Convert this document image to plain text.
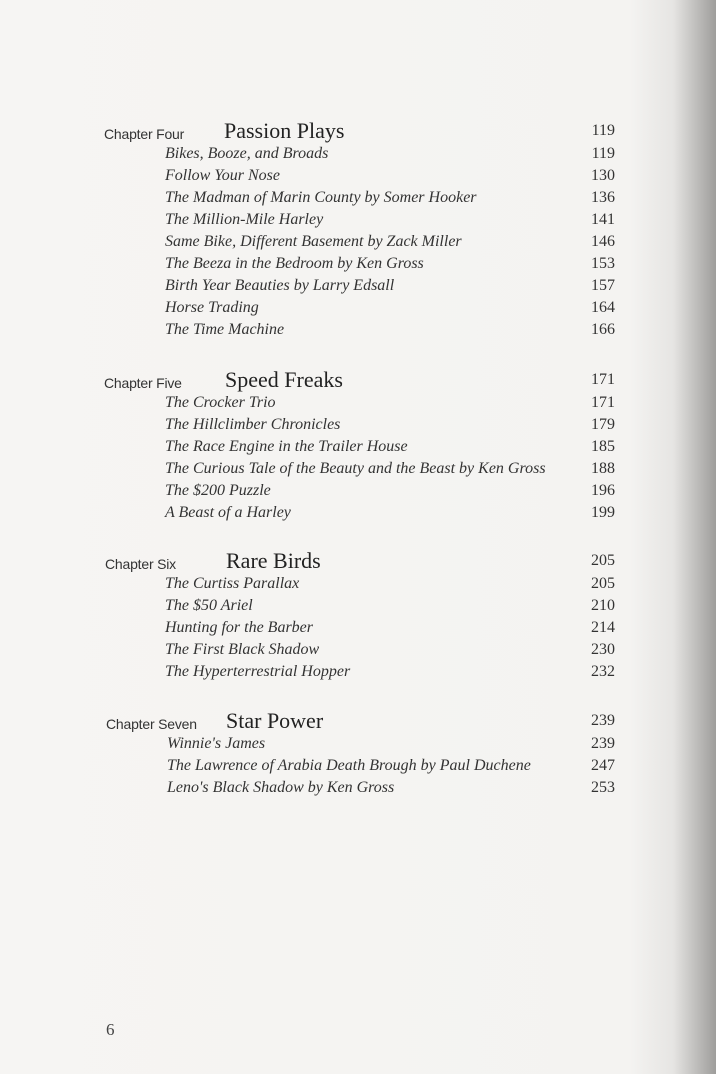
Chapter Four Passion Plays	119
Bikes, Booze, and Broads	119
Follow Your Nose	130
The Madman of Marin County by Somer Hooker	136
The Million-Mile Harley	141
Same Bike, Different Basement by Zack Miller	146
The Beeza in the Bedroom by Ken Gross	153
Birth Year Beauties by Larry Edsall	157
Horse Trading	164
The Time Machine	166
Chapter Five Speed Freaks	171
The Crocker Trio	171
The Hillclimber Chronicles	179
The Race Engine in the Trailer House	185
The Curious Tale of the Beauty and the Beast by Ken Gross	188
The $200 Puzzle	196
A Beast of a Harley	199
Chapter Six Rare Birds	205
The Curtiss Parallax	205
The $50 Ariel	210
Hunting for the Barber	214
The First Black Shadow	230
The Hyperterrestrial Hopper	232
Chapter Seven Star Power	239
Winnie's James	239
The Lawrence of Arabia Death Brough by Paul Duchene	247
Leno's Black Shadow by Ken Gross	253
6
